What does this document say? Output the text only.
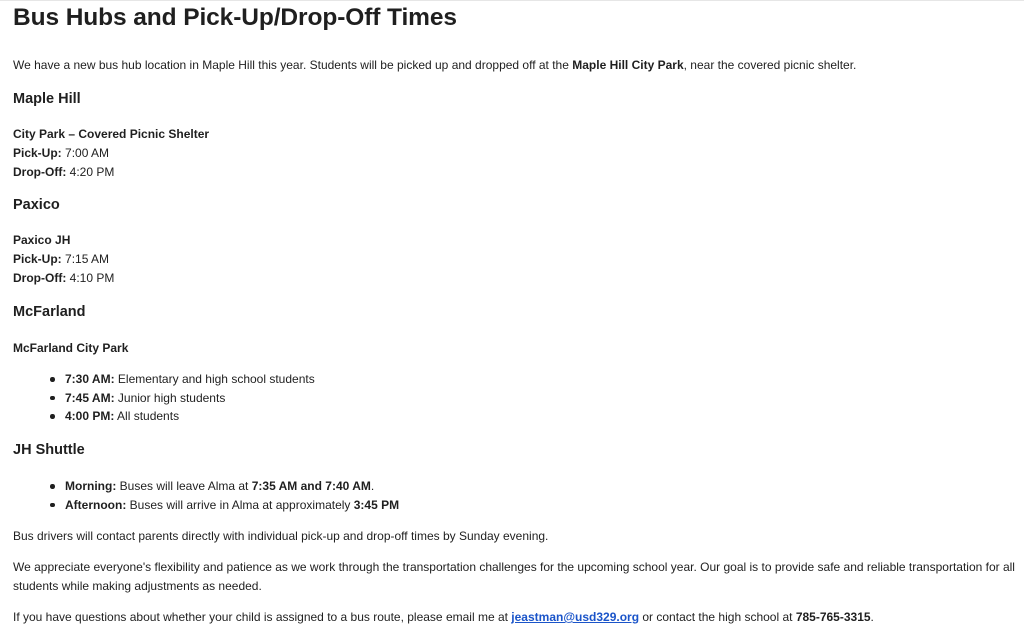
Bus Hubs and Pick-Up/Drop-Off Times
We have a new bus hub location in Maple Hill this year. Students will be picked up and dropped off at the Maple Hill City Park, near the covered picnic shelter.
Maple Hill
City Park – Covered Picnic Shelter
Pick-Up: 7:00 AM
Drop-Off: 4:20 PM
Paxico
Paxico JH
Pick-Up: 7:15 AM
Drop-Off: 4:10 PM
McFarland
McFarland City Park
7:30 AM: Elementary and high school students
7:45 AM: Junior high students
4:00 PM: All students
JH Shuttle
Morning: Buses will leave Alma at 7:35 AM and 7:40 AM.
Afternoon: Buses will arrive in Alma at approximately 3:45 PM
Bus drivers will contact parents directly with individual pick-up and drop-off times by Sunday evening.
We appreciate everyone's flexibility and patience as we work through the transportation challenges for the upcoming school year. Our goal is to provide safe and reliable transportation for all students while making adjustments as needed.
If you have questions about whether your child is assigned to a bus route, please email me at jeastman@usd329.org or contact the high school at 785-765-3315.
